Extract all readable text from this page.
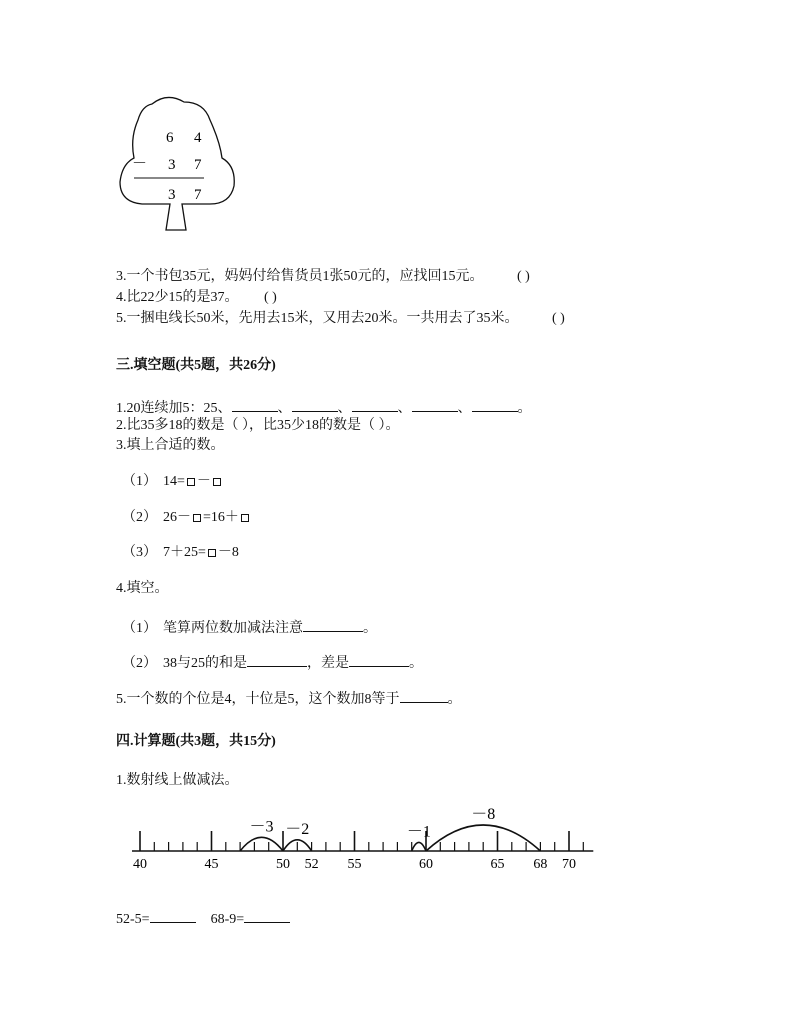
6 4
－ 3 7
3 7
3.一个书包35元，妈妈付给售货员1张50元的，应找回15元。 ( )
4.比22少15的是37。 ( )
5.一捆电线长50米，先用去15米，又用去20米。一共用去了35米。 ( )
三.填空题(共5题，共26分)
1.20连续加5：25、	、	、	、	、	。
2.比35多18的数是（ ），比35少18的数是（ ）。
3.填上合适的数。
（1） 14= －
（2） 26－ =16＋
（3） 7＋25= －8
4.填空。
（1） 笔算两位数加减法注意	。
（2） 38与25的和是	，差是	。
5.一个数的个位是4，十位是5，这个数加8等于	。
四.计算题(共3题，共15分)
1.数射线上做减法。
40	45	50 52 55	60	65 68 70
－3 －2	－1
－8
52-5=	68-9=
